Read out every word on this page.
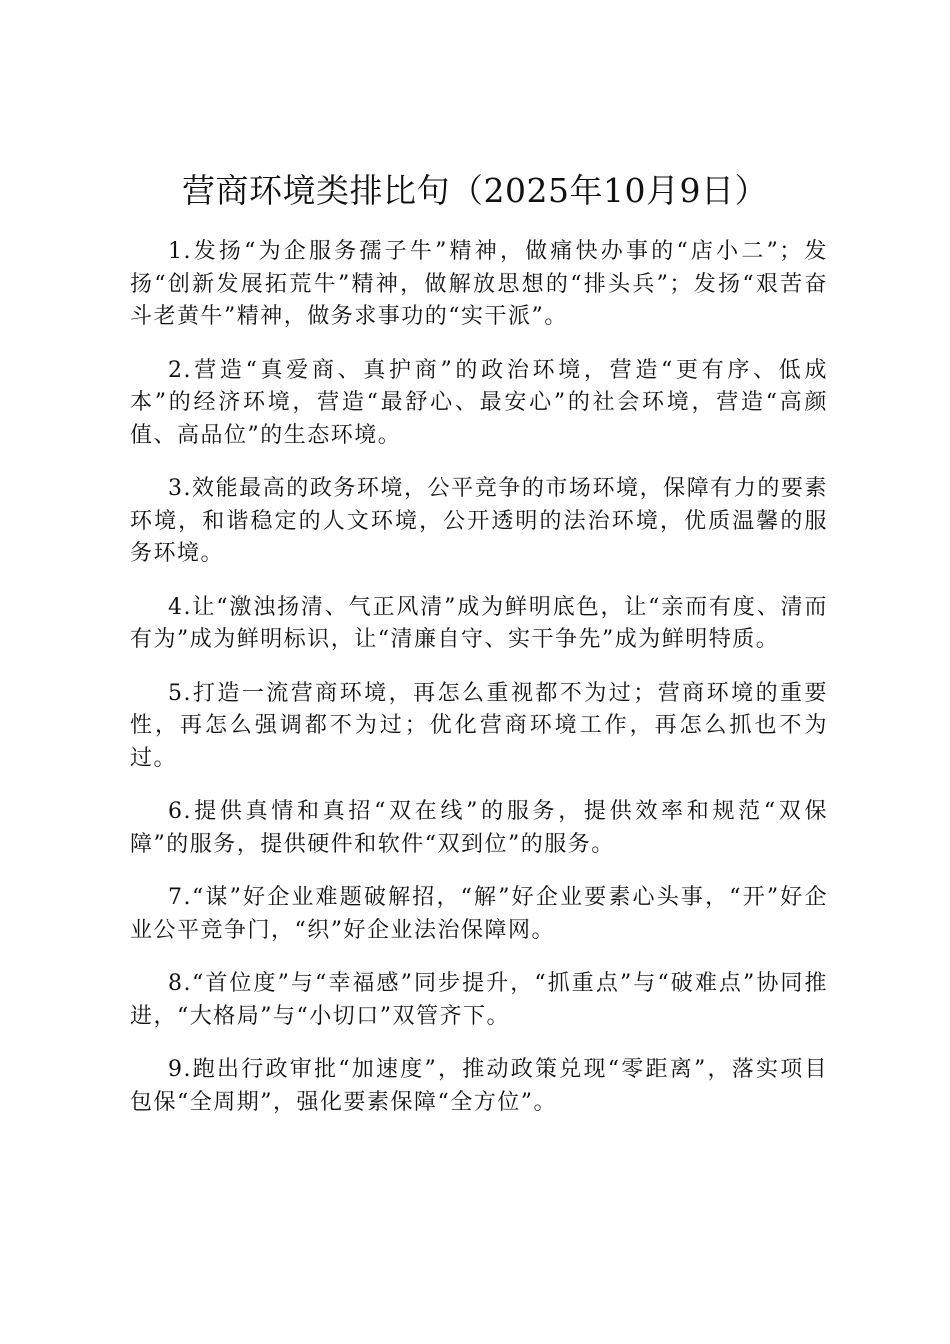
营商环境类排比句（2025年10月9日）

1.发扬“为企服务孺子牛”精神，做痛快办事的“店小二”；发扬“创新发展拓荒牛”精神，做解放思想的“排头兵”；发扬“艰苦奋斗老黄牛”精神，做务求事功的“实干派”。

2.营造“真爱商、真护商”的政治环境，营造“更有序、低成本”的经济环境，营造“最舒心、最安心”的社会环境，营造“高颜值、高品位”的生态环境。

3.效能最高的政务环境，公平竞争的市场环境，保障有力的要素环境，和谐稳定的人文环境，公开透明的法治环境，优质温馨的服务环境。

4.让“激浊扬清、气正风清”成为鲜明底色，让“亲而有度、清而有为”成为鲜明标识，让“清廉自守、实干争先”成为鲜明特质。

5.打造一流营商环境，再怎么重视都不为过；营商环境的重要性，再怎么强调都不为过；优化营商环境工作，再怎么抓也不为过。

6.提供真情和真招“双在线”的服务，提供效率和规范“双保障”的服务，提供硬件和软件“双到位”的服务。

7.“谋”好企业难题破解招，“解”好企业要素心头事，“开”好企业公平竞争门，“织”好企业法治保障网。

8.“首位度”与“幸福感”同步提升，“抓重点”与“破难点”协同推进，“大格局”与“小切口”双管齐下。

9.跑出行政审批“加速度”，推动政策兑现“零距离”，落实项目包保“全周期”，强化要素保障“全方位”。
